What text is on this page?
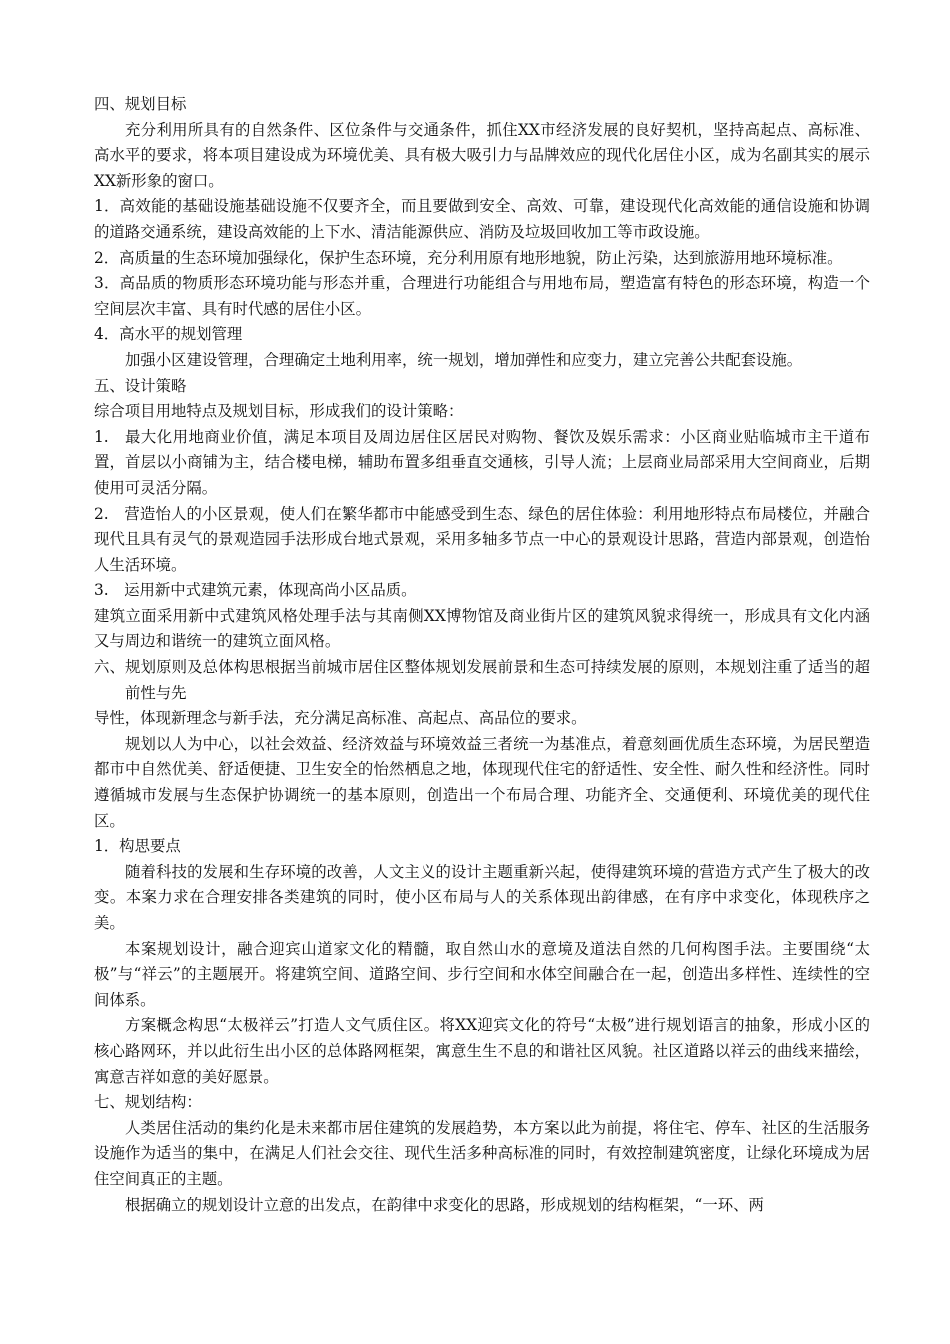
四、规划目标

充分利用所具有的自然条件、区位条件与交通条件，抓住XX市经济发展的良好契机，坚持高起点、高标准、高水平的要求，将本项目建设成为环境优美、具有极大吸引力与品牌效应的现代化居住小区，成为名副其实的展示XX新形象的窗口。

1．高效能的基础设施基础设施不仅要齐全，而且要做到安全、高效、可靠，建设现代化高效能的通信设施和协调的道路交通系统，建设高效能的上下水、清洁能源供应、消防及垃圾回收加工等市政设施。

2．高质量的生态环境加强绿化，保护生态环境，充分利用原有地形地貌，防止污染，达到旅游用地环境标准。

3．高品质的物质形态环境功能与形态并重，合理进行功能组合与用地布局，塑造富有特色的形态环境，构造一个空间层次丰富、具有时代感的居住小区。

4．高水平的规划管理

加强小区建设管理，合理确定土地利用率，统一规划，增加弹性和应变力，建立完善公共配套设施。

五、设计策略

综合项目用地特点及规划目标，形成我们的设计策略：

1.　最大化用地商业价值，满足本项目及周边居住区居民对购物、餐饮及娱乐需求：小区商业贴临城市主干道布置，首层以小商铺为主，结合楼电梯，辅助布置多组垂直交通核，引导人流；上层商业局部采用大空间商业，后期使用可灵活分隔。

2.　营造怡人的小区景观，使人们在繁华都市中能感受到生态、绿色的居住体验：利用地形特点布局楼位，并融合现代且具有灵气的景观造园手法形成台地式景观，采用多轴多节点一中心的景观设计思路，营造内部景观，创造怡人生活环境。

3.　运用新中式建筑元素，体现高尚小区品质。

建筑立面采用新中式建筑风格处理手法与其南侧XX博物馆及商业街片区的建筑风貌求得统一，形成具有文化内涵又与周边和谐统一的建筑立面风格。

六、规划原则及总体构思根据当前城市居住区整体规划发展前景和生态可持续发展的原则，本规划注重了适当的超前性与先

导性，体现新理念与新手法，充分满足高标准、高起点、高品位的要求。

规划以人为中心，以社会效益、经济效益与环境效益三者统一为基准点，着意刻画优质生态环境，为居民塑造都市中自然优美、舒适便捷、卫生安全的怡然栖息之地，体现现代住宅的舒适性、安全性、耐久性和经济性。同时遵循城市发展与生态保护协调统一的基本原则，创造出一个布局合理、功能齐全、交通便利、环境优美的现代住区。

1．构思要点

随着科技的发展和生存环境的改善，人文主义的设计主题重新兴起，使得建筑环境的营造方式产生了极大的改变。本案力求在合理安排各类建筑的同时，使小区布局与人的关系体现出韵律感，在有序中求变化，体现秩序之美。

本案规划设计，融合迎宾山道家文化的精髓，取自然山水的意境及道法自然的几何构图手法。主要围绕“太极”与“祥云”的主题展开。将建筑空间、道路空间、步行空间和水体空间融合在一起，创造出多样性、连续性的空间体系。

方案概念构思“太极祥云”打造人文气质住区。将XX迎宾文化的符号“太极”进行规划语言的抽象，形成小区的核心路网环，并以此衍生出小区的总体路网框架，寓意生生不息的和谐社区风貌。社区道路以祥云的曲线来描绘，寓意吉祥如意的美好愿景。

七、规划结构：

人类居住活动的集约化是未来都市居住建筑的发展趋势，本方案以此为前提，将住宅、停车、社区的生活服务设施作为适当的集中，在满足人们社会交往、现代生活多种高标准的同时，有效控制建筑密度，让绿化环境成为居住空间真正的主题。

根据确立的规划设计立意的出发点，在韵律中求变化的思路，形成规划的结构框架，“一环、两
